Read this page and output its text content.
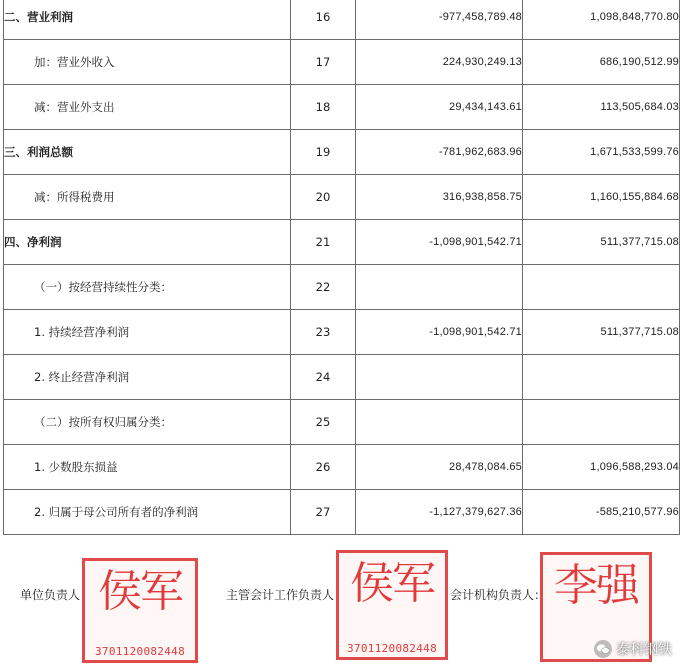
二、营业利润	16	-977,458,789.48	1,098,848,770.80
加：营业外收入	17	224,930,249.13	686,190,512.99
减：营业外支出	18	29,434,143.61	113,505,684.03
三、利润总额	19	-781,962,683.96	1,671,533,599.76
减：所得税费用	20	316,938,858.75	1,160,155,884.68
四、净利润	21	-1,098,901,542.71	511,377,715.08
（一）按经营持续性分类：	22		
1. 持续经营净利润	23	-1,098,901,542.71	511,377,715.08
2. 终止经营净利润	24		
（二）按所有权归属分类：	25		
1. 少数股东损益	26	28,478,084.65	1,096,588,293.04
2. 归属于母公司所有者的净利润	27	-1,127,379,627.36	-585,210,577.96
单位负责人： 侯军
3701120082448
主管会计工作负责人： 侯军
3701120082448
会计机构负责人： 李强
泰科钢铁
